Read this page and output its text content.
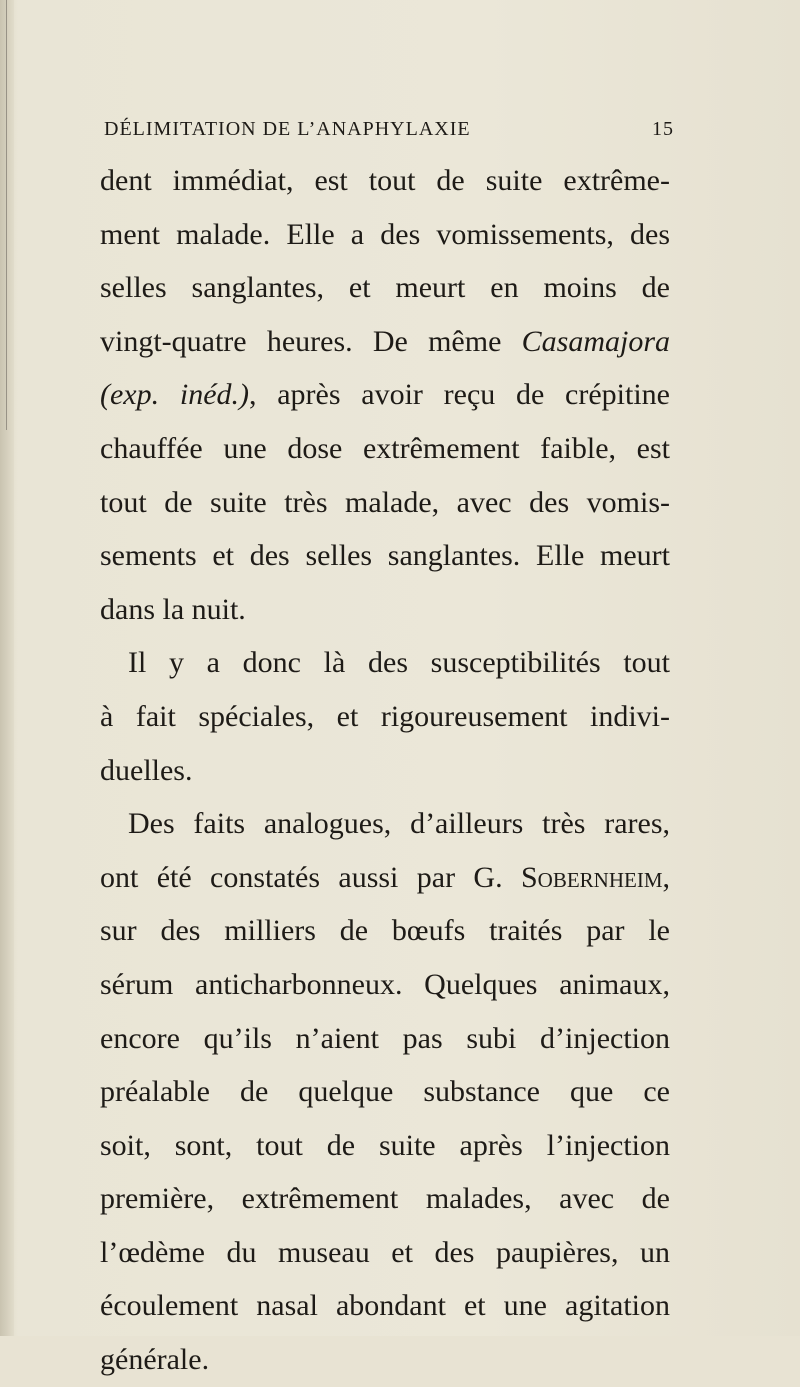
DÉLIMITATION DE L’ANAPHYLAXIE	15
dent immédiat, est tout de suite extrême-
ment malade. Elle a des vomissements, des
selles sanglantes, et meurt en moins de
vingt-quatre heures. De même Casamajora
(exp. inéd.), après avoir reçu de crépitine
chauffée une dose extrêmement faible, est
tout de suite très malade, avec des vomis-
sements et des selles sanglantes. Elle meurt
dans la nuit.
Il y a donc là des susceptibilités tout
à fait spéciales, et rigoureusement indivi-
duelles.
Des faits analogues, d’ailleurs très rares,
ont été constatés aussi par G. Sobernheim,
sur des milliers de bœufs traités par le
sérum anticharbonneux. Quelques animaux,
encore qu’ils n’aient pas subi d’injection
préalable de quelque substance que ce
soit, sont, tout de suite après l’injection
première, extrêmement malades, avec de
l’œdème du museau et des paupières, un
écoulement nasal abondant et une agitation
générale.
